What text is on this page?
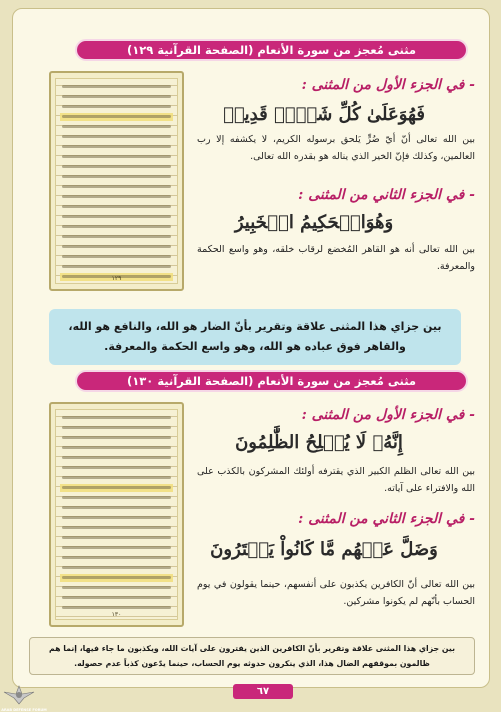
مثنى مُعجز من سورة الأنعام (الصفحة القرآنية ١٢٩)
١٢٩
- في الجزء الأول من المثنى :
فَهُوَعَلَىٰ كُلِّ شَيۡءٖ قَدِيرٞ
بين الله تعالى أنّ أيّ ضُرٍّ يَلحق برسوله الكريم، لا يكشفه إلا رب العالمين، وكذلك فإنّ الخير الذي يناله هو بقدره الله تعالى.
- في الجزء الثاني من المثنى :
وَهُوَالۡحَكِيمُ الۡخَبِيرُ
بين الله تعالى أنه هو القاهر المُخضع لرقاب خلقه، وهو واسع الحكمة والمعرفة.
بين جزاي هذا المثنى علاقة وتقرير بأنّ الضار هو الله، والنافع هو الله، والقاهر فوق عباده هو الله، وهو واسع الحكمة والمعرفة.
مثنى مُعجز من سورة الأنعام (الصفحة القرآنية ١٣٠)
١٣٠
- في الجزء الأول من المثنى :
إِنَّهُۥ لَا يُفۡلِحُ الظَّٰلِمُونَ
بين الله تعالى الظلم الكبير الذي يقترفه أولئك المشركون بالكذب على الله والافتراء على آياته.
- في الجزء الثاني من المثنى :
وَضَلَّ عَنۡهُم مَّا كَانُواْ يَفۡتَرُونَ
بين الله تعالى أنّ الكافرين يكذبون على أنفسهم، حينما يقولون في يوم الحساب بأنّهم لم يكونوا مشركين.
بين جزاي هذا المثنى علاقة وتقرير بأنّ الكافرين الذين يفترون على آيات الله، ويكذبون ما جاء فيها، إنما هم ظالمون بموقفهم الضال هذا، الذي ينكرون حدوثه يوم الحساب، حينما يدّعون كذباً عدم حصوله.
٦٧
ARAB DEFENSE FORUM
